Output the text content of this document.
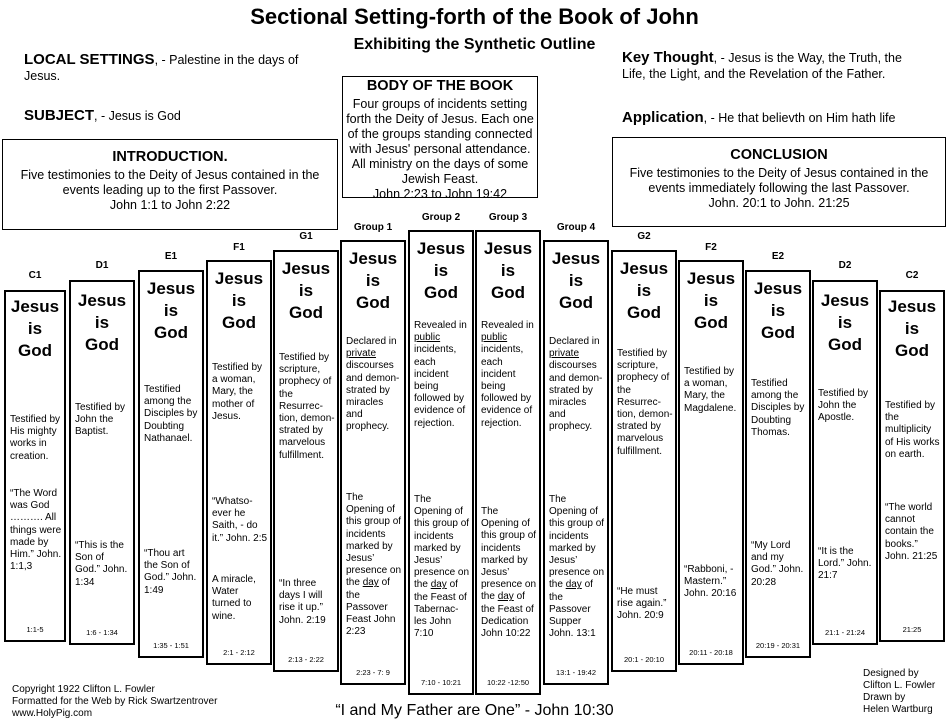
Sectional Setting-forth of the Book of John
Exhibiting the Synthetic Outline
LOCAL SETTINGS, - Palestine in the days of Jesus.
SUBJECT, - Jesus is God
Key Thought, - Jesus is the Way, the Truth, the Life, the Light, and the Revelation of the Father.
Application, - He that believth on Him hath life
BODY OF THE BOOK
Four groups of incidents setting forth the Deity of Jesus. Each one of the groups standing connected with Jesus' personal attendance. All ministry on the days of some Jewish Feast.
John 2:23 to John 19:42
INTRODUCTION.
Five testimonies to the Deity of Jesus contained in the events leading up to the first Passover.
John 1:1 to John 2:22
CONCLUSION
Five testimonies to the Deity of Jesus contained in the events immediately following the last Passover.
John. 20:1 to John. 21:25
C1
Jesus
is
God
Testified by His mighty works in creation.
“The Word was God ………. All things were made by Him.” John. 1:1,3
1:1-5
D1
Jesus
is
God
Testified by John the Baptist.
“This is the Son of God.” John. 1:34
1:6 - 1:34
E1
Jesus
is
God
Testified among the Disciples by Doubting Nathanael.
“Thou art the Son of God.” John. 1:49
1:35 - 1:51
F1
Jesus
is
God
Testified by a woman, Mary, the mother of Jesus.
“Whatso-ever he Saith, - do it.” John. 2:5
A miracle, Water turned to wine.
2:1 - 2:12
G1
Jesus
is
God
Testified by scripture, prophecy of the Resurrec-tion, demon-strated by marvelous fulfillment.
“In three days I will rise it up.” John. 2:19
2:13 - 2:22
Group 1
Jesus
is
God
Declared in private discourses and demon-strated by miracles and prophecy.
The Opening of this group of incidents marked by Jesus’ presence on the day of the Passover Feast John 2:23
2:23 - 7: 9
Group 2
Jesus
is
God
Revealed in public incidents, each incident being followed by evidence of rejection.
The Opening of this group of incidents marked by Jesus’ presence on the day of the Feast of Tabernac-les John 7:10
7:10 - 10:21
Group 3
Jesus
is
God
Revealed in public incidents, each incident being followed by evidence of rejection.
The Opening of this group of incidents marked by Jesus’ presence on the day of the Feast of Dedication John 10:22
10:22 -12:50
Group 4
Jesus
is
God
Declared in private discourses and demon-strated by miracles and prophecy.
The Opening of this group of incidents marked by Jesus’ presence on the day of the Passover Supper John. 13:1
13:1 - 19:42
G2
Jesus
is
God
Testified by scripture, prophecy of the Resurrec-tion, demon-strated by marvelous fulfillment.
“He must rise again.” John. 20:9
20:1 - 20:10
F2
Jesus
is
God
Testified by a woman, Mary, the Magdalene.
“Rabboni, - Mastern.” John. 20:16
20:11 - 20:18
E2
Jesus
is
God
Testified among the Disciples by Doubting Thomas.
“My Lord and my God.” John. 20:28
20:19 - 20:31
D2
Jesus
is
God
Testified by John the Apostle.
“It is the Lord.” John. 21:7
21:1 - 21:24
C2
Jesus
is
God
Testified by the multiplicity of His works on earth.
“The world cannot contain the books.” John. 21:25
21:25
Copyright 1922 Clifton L. Fowler
Formatted for the Web by Rick Swartzentrover
www.HolyPig.com
Designed by
Clifton L. Fowler
Drawn by
Helen Wartburg
“I and My Father are One” - John 10:30
